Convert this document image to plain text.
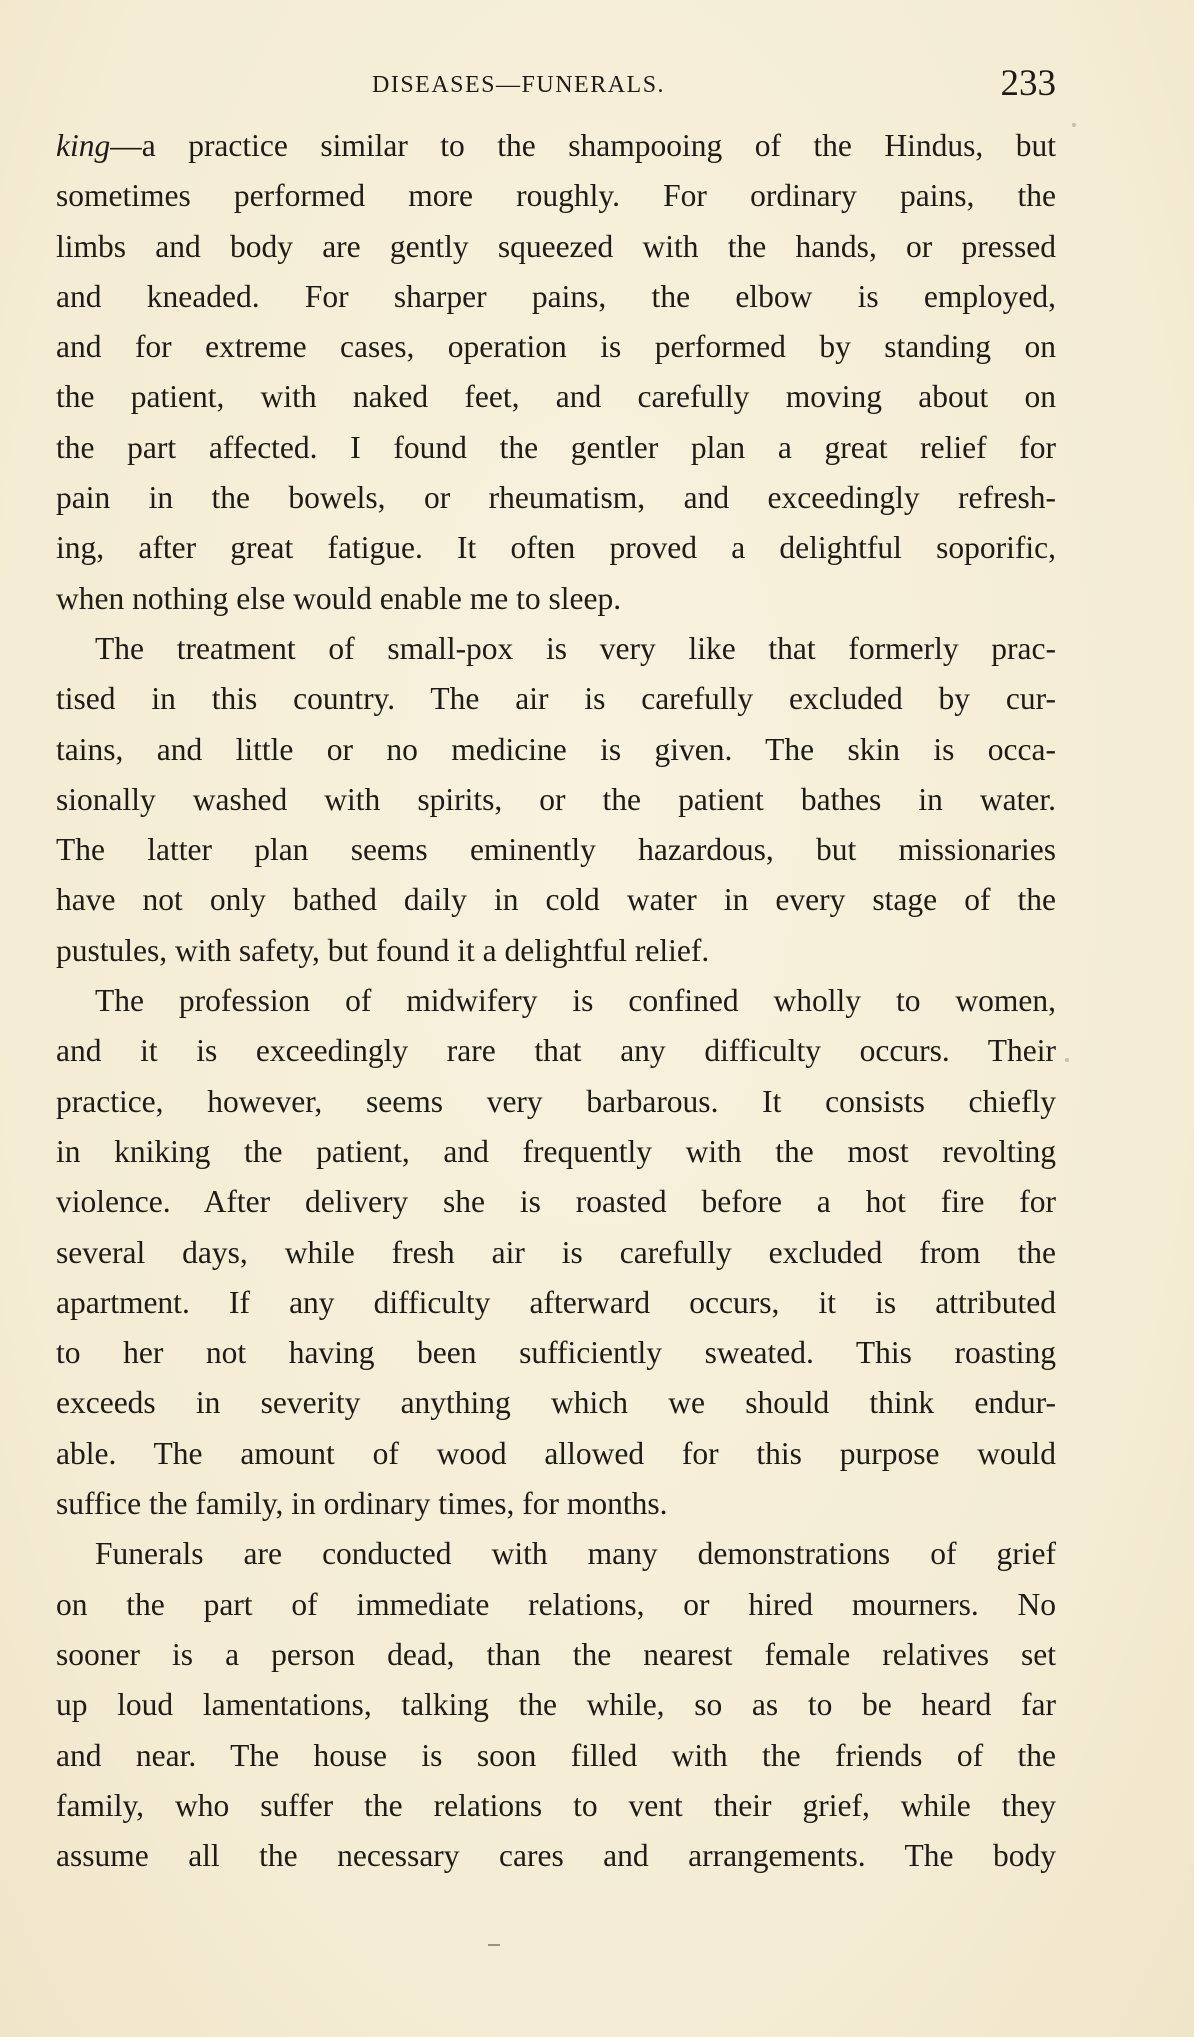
DISEASES—FUNERALS.	233
king—a practice similar to the shampooing of the Hindus, but
sometimes performed more roughly. For ordinary pains, the
limbs and body are gently squeezed with the hands, or pressed
and kneaded. For sharper pains, the elbow is employed,
and for extreme cases, operation is performed by standing on
the patient, with naked feet, and carefully moving about on
the part affected. I found the gentler plan a great relief for
pain in the bowels, or rheumatism, and exceedingly refresh-
ing, after great fatigue. It often proved a delightful soporific,
when nothing else would enable me to sleep.
The treatment of small-pox is very like that formerly prac-
tised in this country. The air is carefully excluded by cur-
tains, and little or no medicine is given. The skin is occa-
sionally washed with spirits, or the patient bathes in water.
The latter plan seems eminently hazardous, but missionaries
have not only bathed daily in cold water in every stage of the
pustules, with safety, but found it a delightful relief.
The profession of midwifery is confined wholly to women,
and it is exceedingly rare that any difficulty occurs. Their
practice, however, seems very barbarous. It consists chiefly
in kniking the patient, and frequently with the most revolting
violence. After delivery she is roasted before a hot fire for
several days, while fresh air is carefully excluded from the
apartment. If any difficulty afterward occurs, it is attributed
to her not having been sufficiently sweated. This roasting
exceeds in severity anything which we should think endur-
able. The amount of wood allowed for this purpose would
suffice the family, in ordinary times, for months.
Funerals are conducted with many demonstrations of grief
on the part of immediate relations, or hired mourners. No
sooner is a person dead, than the nearest female relatives set
up loud lamentations, talking the while, so as to be heard far
and near. The house is soon filled with the friends of the
family, who suffer the relations to vent their grief, while they
assume all the necessary cares and arrangements. The body
